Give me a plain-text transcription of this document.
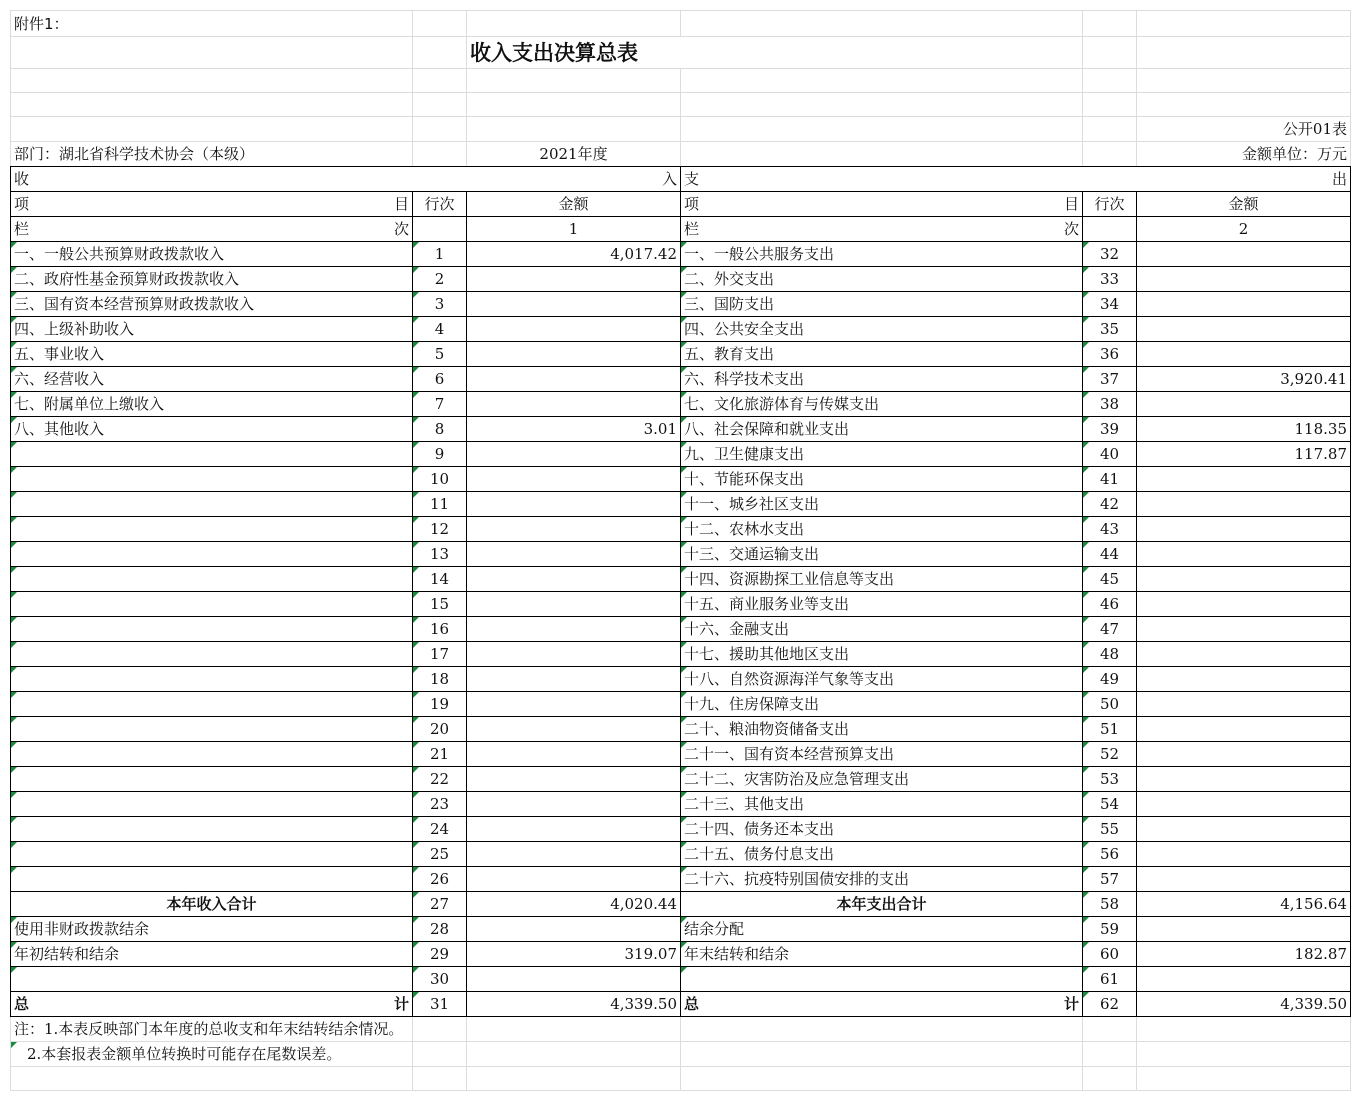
附件1：					
		收入支出决算总表			

					公开01表
部门：湖北省科学技术协会（本级）		2021年度			金额单位：万元

收 入			支 出		

项 目	行次	金额	项 目	行次	金额

栏 次		1	栏 次		2
一、一般公共预算财政拨款收入	1	4,017.42	一、一般公共服务支出	32	
二、政府性基金预算财政拨款收入	2		二、外交支出	33	
三、国有资本经营预算财政拨款收入	3		三、国防支出	34	
四、上级补助收入	4		四、公共安全支出	35	
五、事业收入	5		五、教育支出	36	
六、经营收入	6		六、科学技术支出	37	3,920.41
七、附属单位上缴收入	7		七、文化旅游体育与传媒支出	38	
八、其他收入	8	3.01	八、社会保障和就业支出	39	118.35
	9		九、卫生健康支出	40	117.87
	10		十、节能环保支出	41	
	11		十一、城乡社区支出	42	
	12		十二、农林水支出	43	
	13		十三、交通运输支出	44	
	14		十四、资源勘探工业信息等支出	45	
	15		十五、商业服务业等支出	46	
	16		十六、金融支出	47	
	17		十七、援助其他地区支出	48	
	18		十八、自然资源海洋气象等支出	49	
	19		十九、住房保障支出	50	
	20		二十、粮油物资储备支出	51	
	21		二十一、国有资本经营预算支出	52	
	22		二十二、灾害防治及应急管理支出	53	
	23		二十三、其他支出	54	
	24		二十四、债务还本支出	55	
	25		二十五、债务付息支出	56	
	26		二十六、抗疫特别国债安排的支出	57	
本年收入合计	27	4,020.44	本年支出合计	58	4,156.64
使用非财政拨款结余	28		结余分配	59	
年初结转和结余	29	319.07	年末结转和结余	60	182.87
	30			61	

总 计	31	4,339.50	总 计	62	4,339.50
注：1.本表反映部门本年度的总收支和年末结转结余情况。					
2.本套报表金额单位转换时可能存在尾数误差。					
